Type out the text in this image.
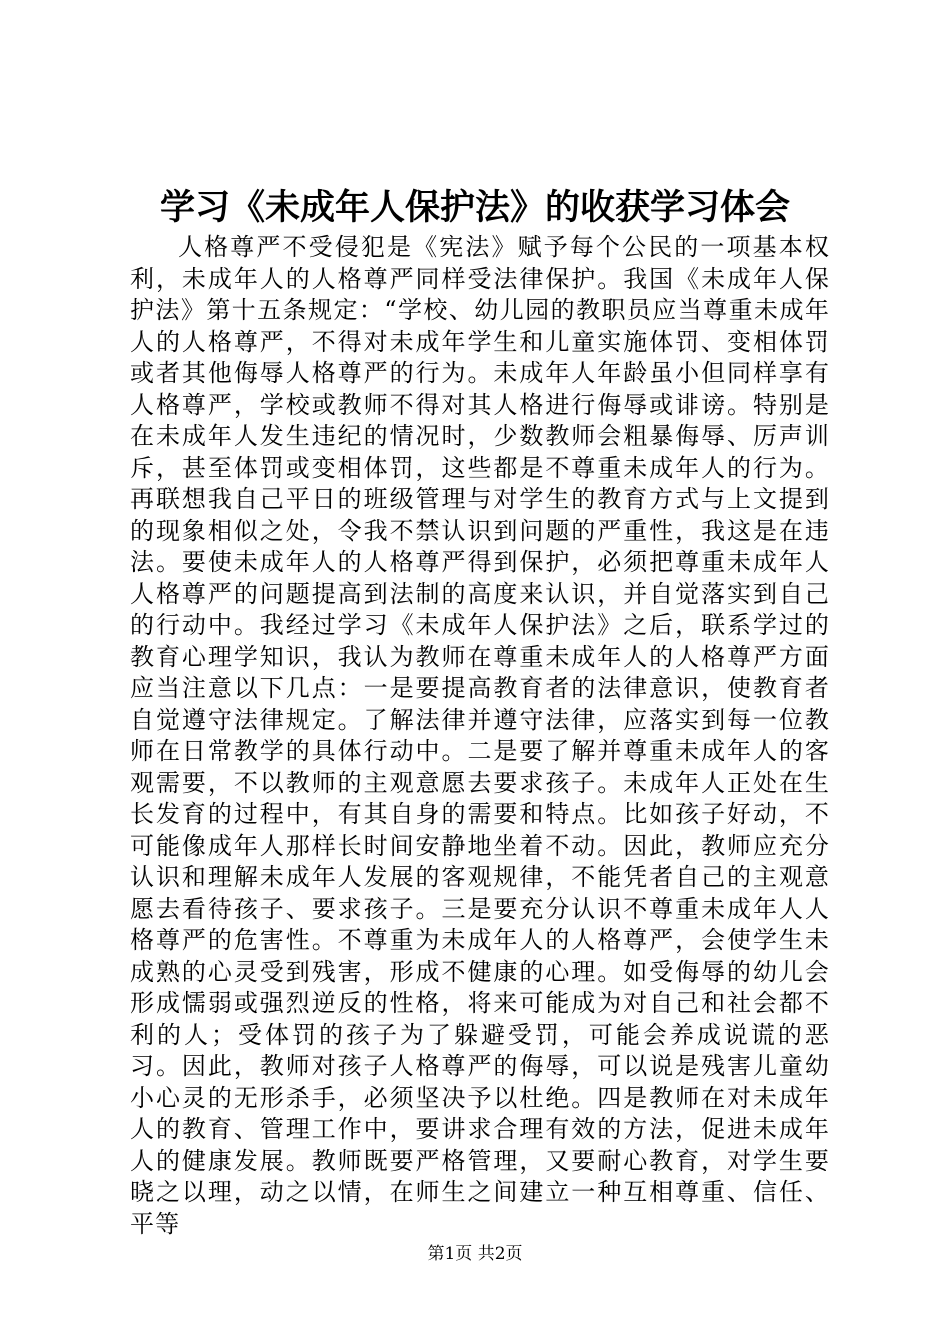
学习《未成年人保护法》的收获学习体会

人格尊严不受侵犯是《宪法》赋予每个公民的一项基本权利，未成年人的人格尊严同样受法律保护。我国《未成年人保护法》第十五条规定：“学校、幼儿园的教职员应当尊重未成年人的人格尊严，不得对未成年学生和儿童实施体罚、变相体罚或者其他侮辱人格尊严的行为。未成年人年龄虽小但同样享有人格尊严，学校或教师不得对其人格进行侮辱或诽谤。特别是在未成年人发生违纪的情况时，少数教师会粗暴侮辱、厉声训斥，甚至体罚或变相体罚，这些都是不尊重未成年人的行为。再联想我自己平日的班级管理与对学生的教育方式与上文提到的现象相似之处，令我不禁认识到问题的严重性，我这是在违法。要使未成年人的人格尊严得到保护，必须把尊重未成年人人格尊严的问题提高到法制的高度来认识，并自觉落实到自己的行动中。我经过学习《未成年人保护法》之后，联系学过的教育心理学知识，我认为教师在尊重未成年人的人格尊严方面应当注意以下几点：一是要提高教育者的法律意识，使教育者自觉遵守法律规定。了解法律并遵守法律，应落实到每一位教师在日常教学的具体行动中。二是要了解并尊重未成年人的客观需要，不以教师的主观意愿去要求孩子。未成年人正处在生长发育的过程中，有其自身的需要和特点。比如孩子好动，不可能像成年人那样长时间安静地坐着不动。因此，教师应充分认识和理解未成年人发展的客观规律，不能凭者自己的主观意愿去看待孩子、要求孩子。三是要充分认识不尊重未成年人人格尊严的危害性。不尊重为未成年人的人格尊严，会使学生未成熟的心灵受到残害，形成不健康的心理。如受侮辱的幼儿会形成懦弱或强烈逆反的性格，将来可能成为对自己和社会都不利的人；受体罚的孩子为了躲避受罚，可能会养成说谎的恶习。因此，教师对孩子人格尊严的侮辱，可以说是残害儿童幼小心灵的无形杀手，必须坚决予以杜绝。四是教师在对未成年人的教育、管理工作中，要讲求合理有效的方法，促进未成年人的健康发展。教师既要严格管理，又要耐心教育，对学生要晓之以理，动之以情，在师生之间建立一种互相尊重、信任、平等

第1页 共2页
